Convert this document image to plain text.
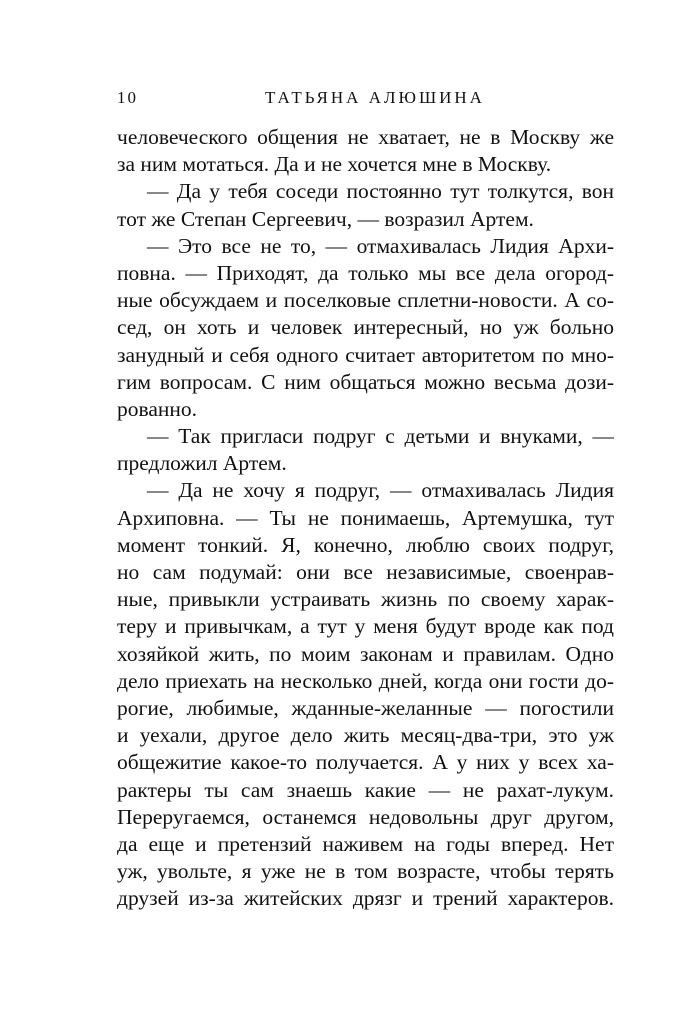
10	ТАТЬЯНА АЛЮШИНА
человеческого общения не хватает, не в Москву же
за ним мотаться. Да и не хочется мне в Москву.
— Да у тебя соседи постоянно тут толкутся, вон
тот же Степан Сергеевич, — возразил Артем.
— Это все не то, — отмахивалась Лидия Архи-
повна. — Приходят, да только мы все дела огород-
ные обсуждаем и поселковые сплетни-новости. А со-
сед, он хоть и человек интересный, но уж больно
занудный и себя одного считает авторитетом по мно-
гим вопросам. С ним общаться можно весьма дози-
рованно.
— Так пригласи подруг с детьми и внуками, —
предложил Артем.
— Да не хочу я подруг, — отмахивалась Лидия
Архиповна. — Ты не понимаешь, Артемушка, тут
момент тонкий. Я, конечно, люблю своих подруг,
но сам подумай: они все независимые, своенрав-
ные, привыкли устраивать жизнь по своему харак-
теру и привычкам, а тут у меня будут вроде как под
хозяйкой жить, по моим законам и правилам. Одно
дело приехать на несколько дней, когда они гости до-
рогие, любимые, жданные-желанные — погостили
и уехали, другое дело жить месяц-два-три, это уж
общежитие какое-то получается. А у них у всех ха-
рактеры ты сам знаешь какие — не рахат-лукум.
Переругаемся, останемся недовольны друг другом,
да еще и претензий наживем на годы вперед. Нет
уж, увольте, я уже не в том возрасте, чтобы терять
друзей из-за житейских дрязг и трений характеров.
